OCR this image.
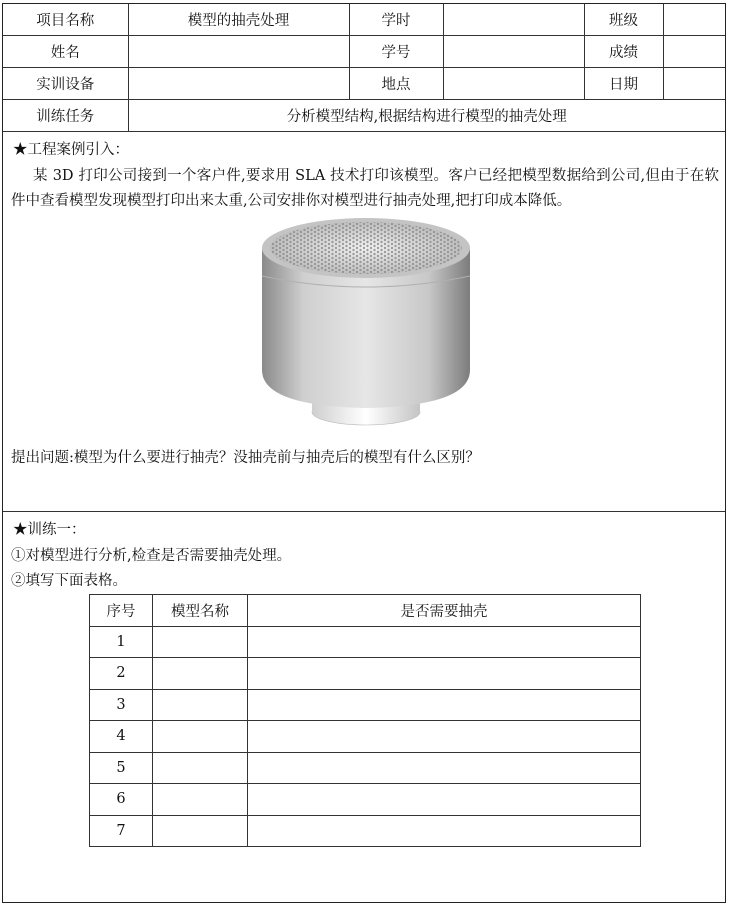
项目名称	模型的抽壳处理	学时		班级	
姓名		学号		成绩	
实训设备		地点		日期	
训练任务	分析模型结构,根据结构进行模型的抽壳处理				
★工程案例引入：
  某 3D 打印公司接到一个客户件,要求用 SLA 技术打印该模型。客户已经把模型数据给到公司,但由于在软件中查看模型发现模型打印出来太重,公司安排你对模型进行抽壳处理,把打印成本降低。
提出问题:模型为什么要进行抽壳？没抽壳前与抽壳后的模型有什么区别？
★训练一：
①对模型进行分析,检查是否需要抽壳处理。
②填写下面表格。
序号	模型名称	是否需要抽壳
1		
2		
3		
4		
5		
6		
7		
